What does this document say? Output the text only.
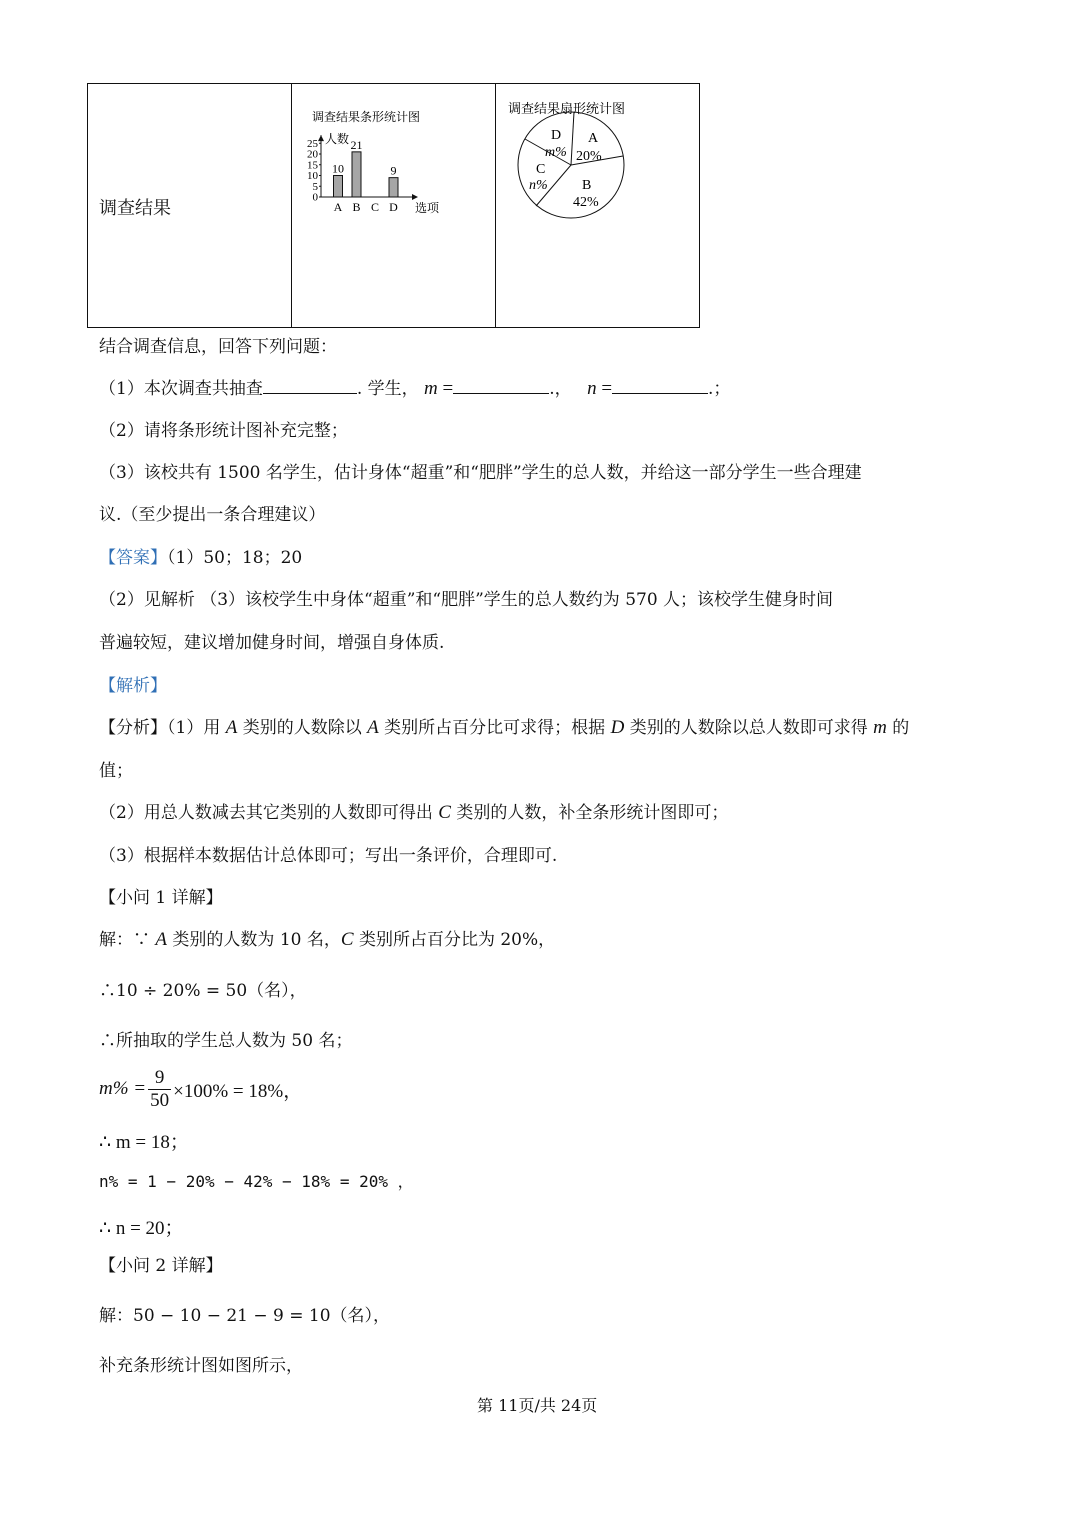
调查结果

调查结果条形统计图
人数
选项
0
5
10
15
20
25
A
10
B
21
C D
9

调查结果扇形统计图
A
20%
B
42%
C
n%
D
m%
结合调查信息，回答下列问题：
（1）本次调查共抽查	. 学生， m =	.， n =	.；
（2）请将条形统计图补充完整；
（3）该校共有 1500 名学生，估计身体“超重”和“肥胖”学生的总人数，并给这一部分学生一些合理建
议.（至少提出一条合理建议）
【答案】（1）50；18；20
（2）见解析 （3）该校学生中身体“超重”和“肥胖”学生的总人数约为 570 人；该校学生健身时间
普遍较短，建议增加健身时间，增强自身体质.
【解析】
【分析】（1）用 A 类别的人数除以 A 类别所占百分比可求得；根据 D 类别的人数除以总人数即可求得 m 的
值；
（2）用总人数减去其它类别的人数即可得出 C 类别的人数，补全条形统计图即可；
（3）根据样本数据估计总体即可；写出一条评价，合理即可.
【小问 1 详解】
解：∵ A 类别的人数为 10 名，C 类别所占百分比为 20%，
∴10 ÷ 20% = 50（名），
∴所抽取的学生总人数为 50 名；
$m\% = \frac{9}{50} \times 100\% = 18\%$，
∴ m = 18；
n% = 1 − 20% − 42% − 18% = 20% ，
∴ n = 20；
【小问 2 详解】
解：50 − 10 − 21 − 9 = 10（名），
补充条形统计图如图所示，
第 11页/共 24页
